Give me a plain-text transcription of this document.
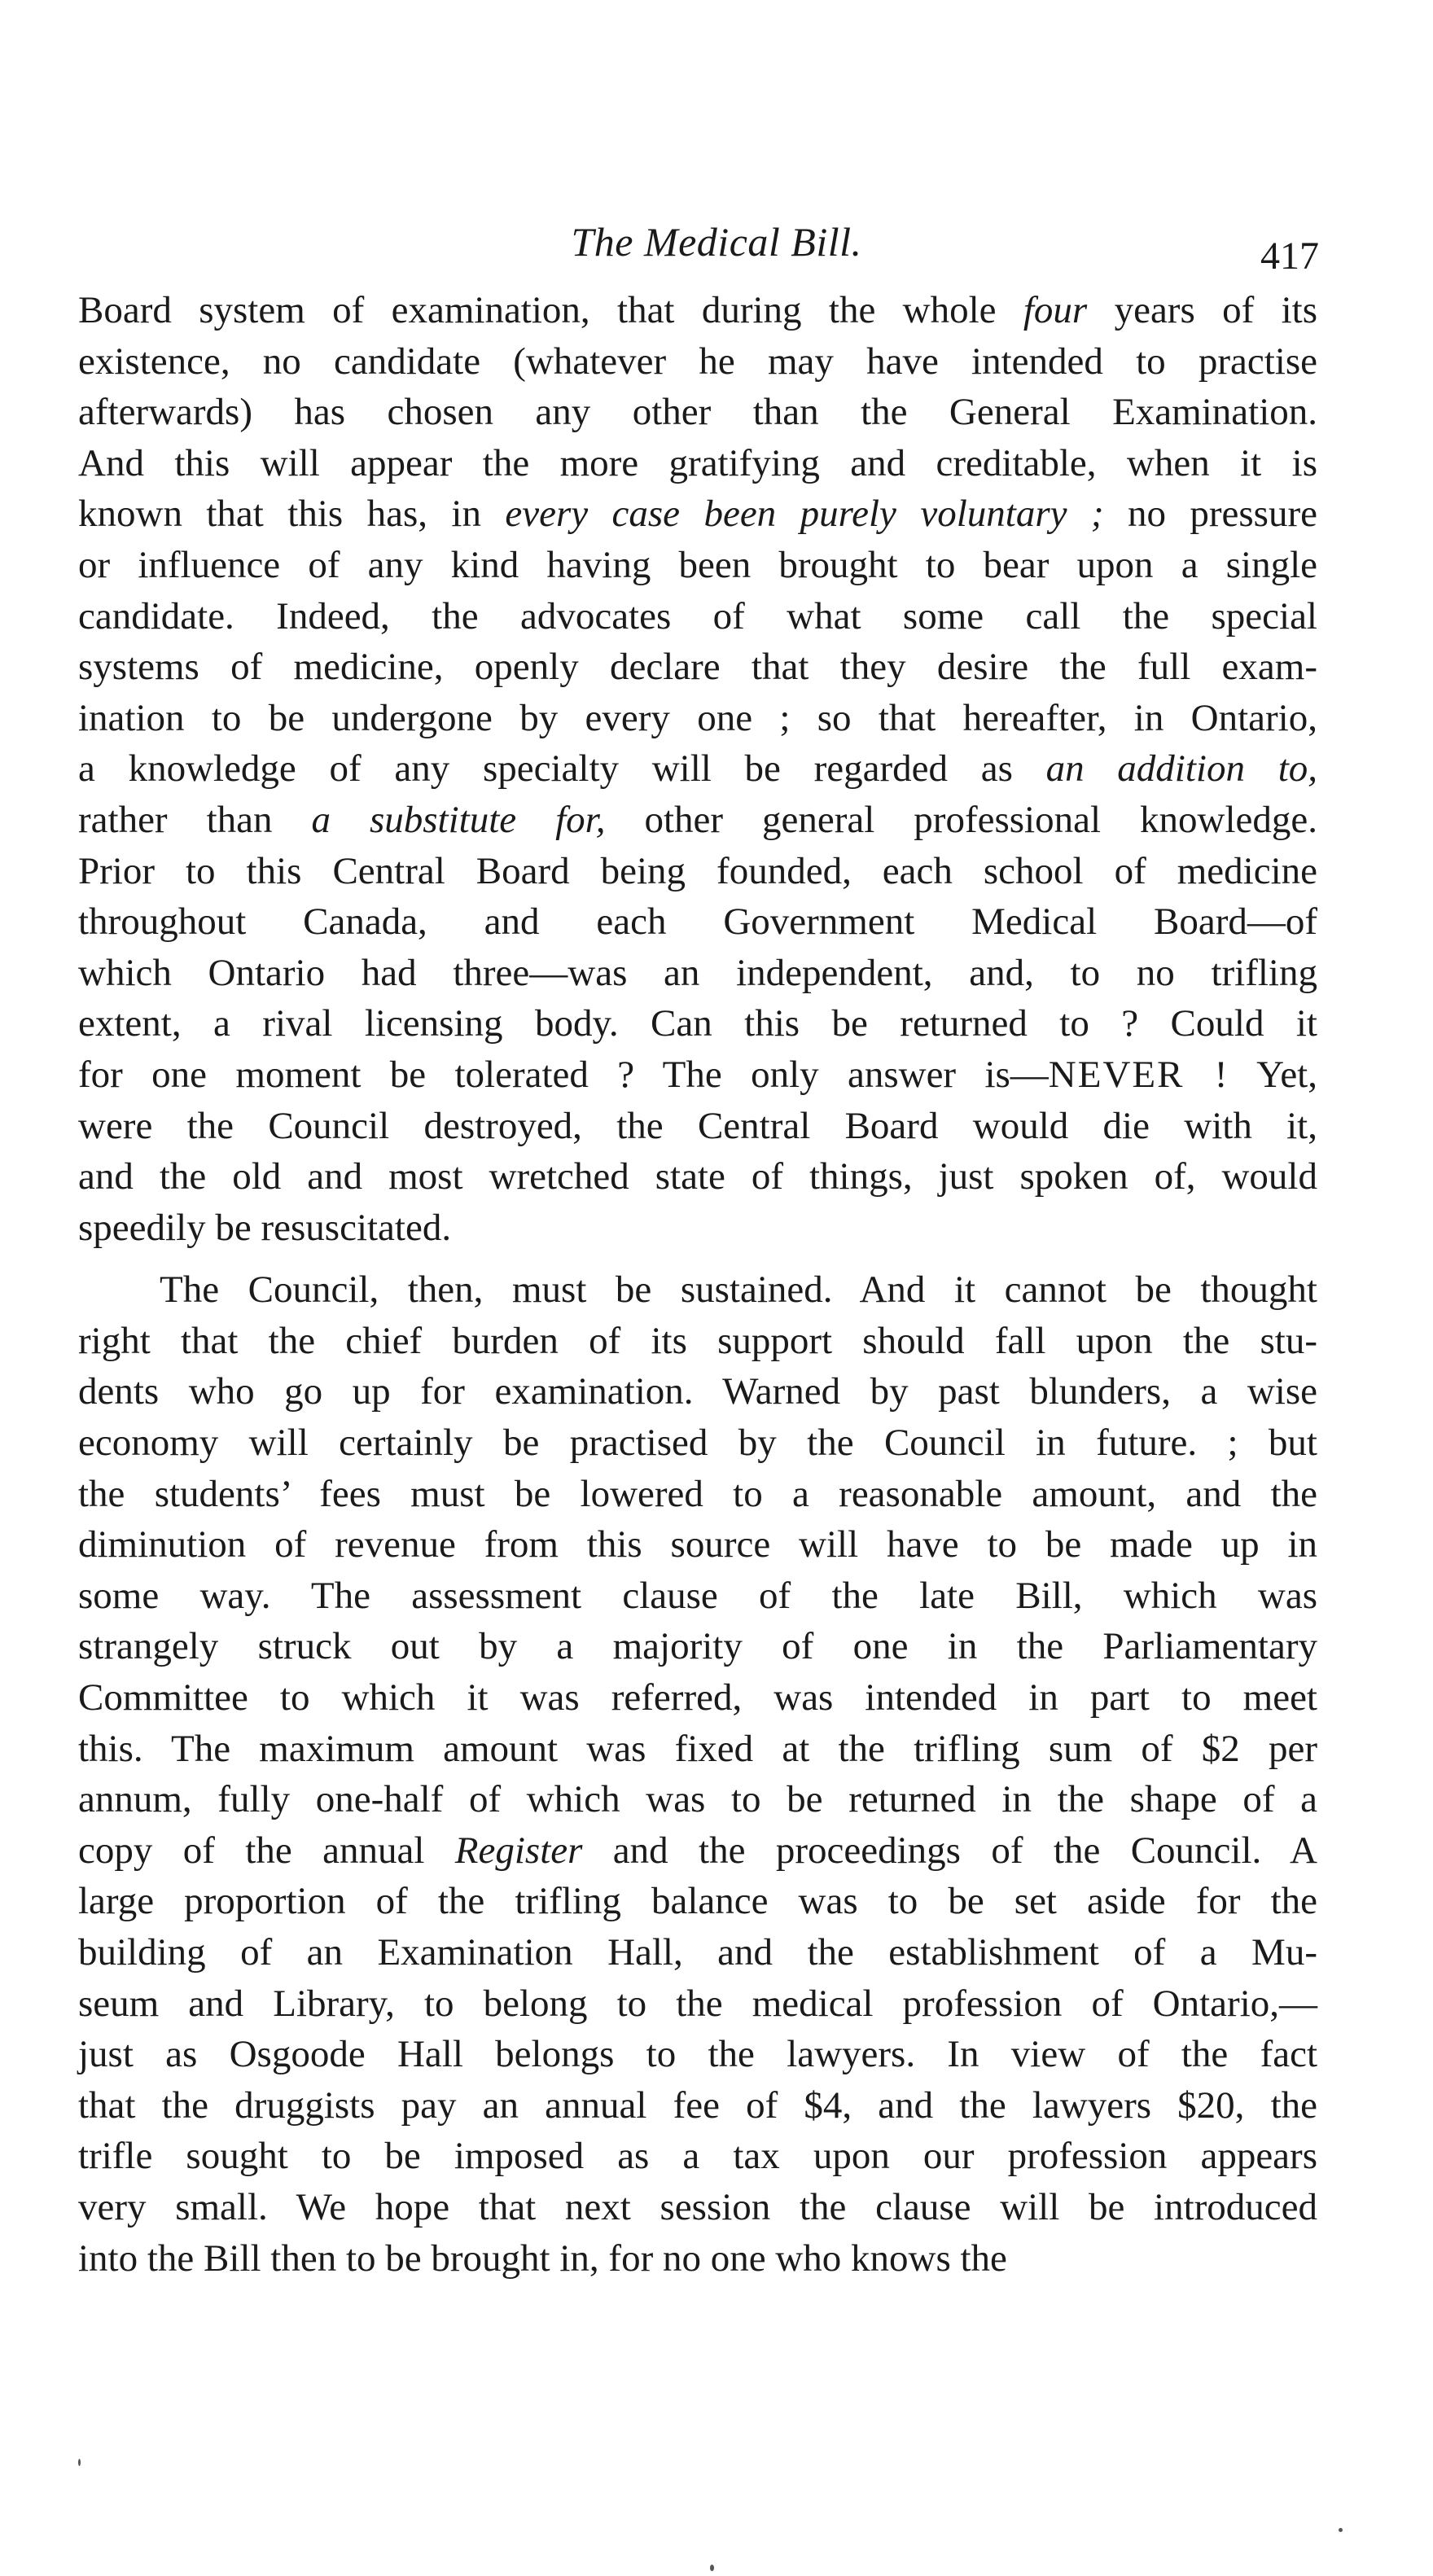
The Medical Bill.	417

Board system of examination, that during the whole four years of its
existence, no candidate (whatever he may have intended to practise
afterwards) has chosen any other than the General Examination.
And this will appear the more gratifying and creditable, when it is
known that this has, in every case been purely voluntary ; no pressure
or influence of any kind having been brought to bear upon a single
candidate. Indeed, the advocates of what some call the special
systems of medicine, openly declare that they desire the full exam-
ination to be undergone by every one ; so that hereafter, in Ontario,
a knowledge of any specialty will be regarded as an addition to,
rather than a substitute for, other general professional knowledge.
Prior to this Central Board being founded, each school of medicine
throughout Canada, and each Government Medical Board—of
which Ontario had three—was an independent, and, to no trifling
extent, a rival licensing body. Can this be returned to ? Could it
for one moment be tolerated ? The only answer is—NEVER ! Yet,
were the Council destroyed, the Central Board would die with it,
and the old and most wretched state of things, just spoken of, would
speedily be resuscitated.

The Council, then, must be sustained. And it cannot be thought
right that the chief burden of its support should fall upon the stu-
dents who go up for examination. Warned by past blunders, a wise
economy will certainly be practised by the Council in future. ; but
the students’ fees must be lowered to a reasonable amount, and the
diminution of revenue from this source will have to be made up in
some way. The assessment clause of the late Bill, which was
strangely struck out by a majority of one in the Parliamentary
Committee to which it was referred, was intended in part to meet
this. The maximum amount was fixed at the trifling sum of $2 per
annum, fully one-half of which was to be returned in the shape of a
copy of the annual Register and the proceedings of the Council. A
large proportion of the trifling balance was to be set aside for the
building of an Examination Hall, and the establishment of a Mu-
seum and Library, to belong to the medical profession of Ontario,—
just as Osgoode Hall belongs to the lawyers. In view of the fact
that the druggists pay an annual fee of $4, and the lawyers $20, the
trifle sought to be imposed as a tax upon our profession appears
very small. We hope that next session the clause will be introduced
into the Bill then to be brought in, for no one who knows the
